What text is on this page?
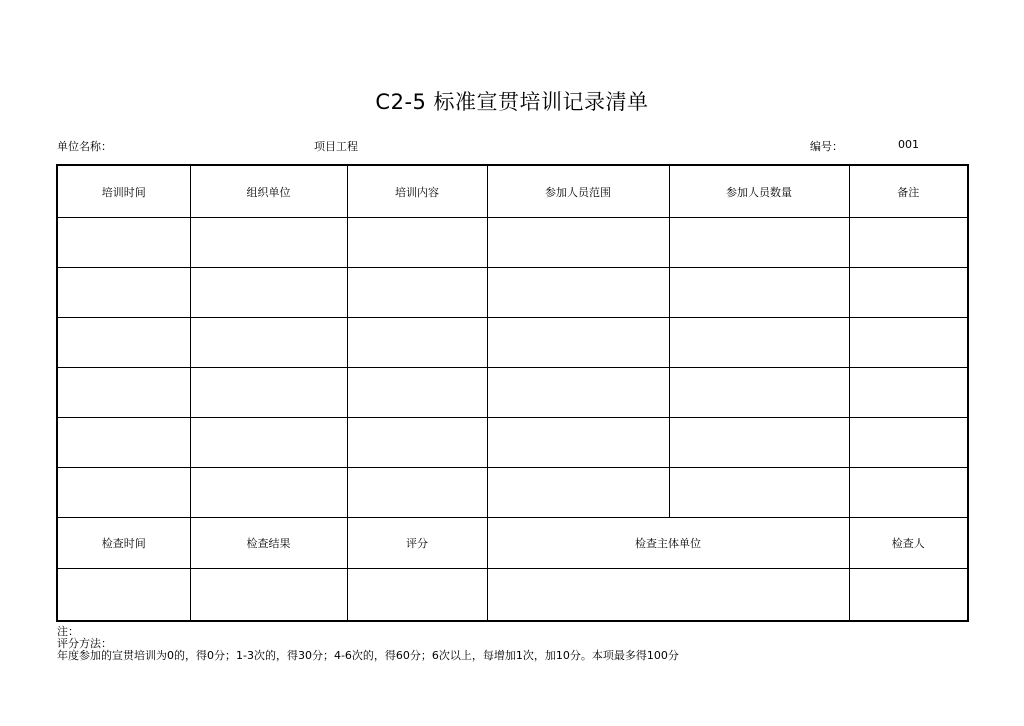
C2-5 标准宣贯培训记录清单
单位名称：	项目工程	编号：	001
培训时间	组织单位	培训内容	参加人员范围	参加人员数量	备注

检查时间	检查结果	评分	检查主体单位		检查人

注：
评分方法：
年度参加的宣贯培训为0的，得0分；1-3次的，得30分；4-6次的，得60分；6次以上，每增加1次，加10分。本项最多得100分
